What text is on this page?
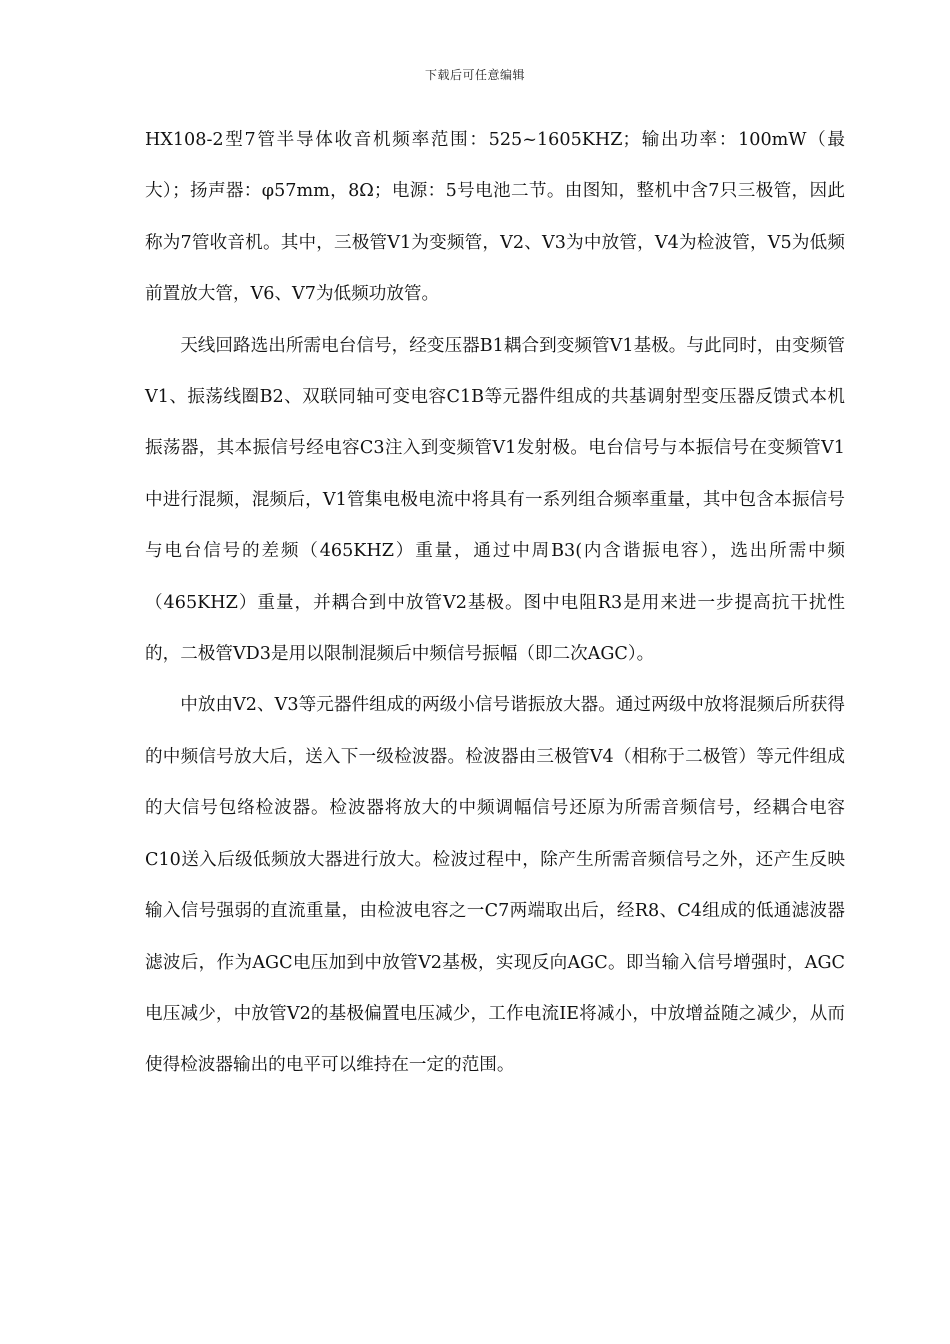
下载后可任意编辑

HX108-2型7管半导体收音机频率范围：525~1605KHZ；输出功率：100mW（最大）；扬声器：φ57mm，8Ω；电源：5号电池二节。由图知，整机中含7只三极管，因此称为7管收音机。其中，三极管V1为变频管，V2、V3为中放管，V4为检波管，V5为低频前置放大管，V6、V7为低频功放管。

天线回路选出所需电台信号，经变压器B1耦合到变频管V1基极。与此同时，由变频管V1、振荡线圈B2、双联同轴可变电容C1B等元器件组成的共基调射型变压器反馈式本机振荡器，其本振信号经电容C3注入到变频管V1发射极。电台信号与本振信号在变频管V1中进行混频，混频后，V1管集电极电流中将具有一系列组合频率重量，其中包含本振信号与电台信号的差频（465KHZ）重量，通过中周B3(内含谐振电容），选出所需中频（465KHZ）重量，并耦合到中放管V2基极。图中电阻R3是用来进一步提高抗干扰性的，二极管VD3是用以限制混频后中频信号振幅（即二次AGC）。

中放由V2、V3等元器件组成的两级小信号谐振放大器。通过两级中放将混频后所获得的中频信号放大后，送入下一级检波器。检波器由三极管V4（相称于二极管）等元件组成的大信号包络检波器。检波器将放大的中频调幅信号还原为所需音频信号，经耦合电容C10送入后级低频放大器进行放大。检波过程中，除产生所需音频信号之外，还产生反映输入信号强弱的直流重量，由检波电容之一C7两端取出后，经R8、C4组成的低通滤波器滤波后，作为AGC电压加到中放管V2基极，实现反向AGC。即当输入信号增强时，AGC电压减少，中放管V2的基极偏置电压减少，工作电流IE将减小，中放增益随之减少，从而使得检波器输出的电平可以维持在一定的范围。
